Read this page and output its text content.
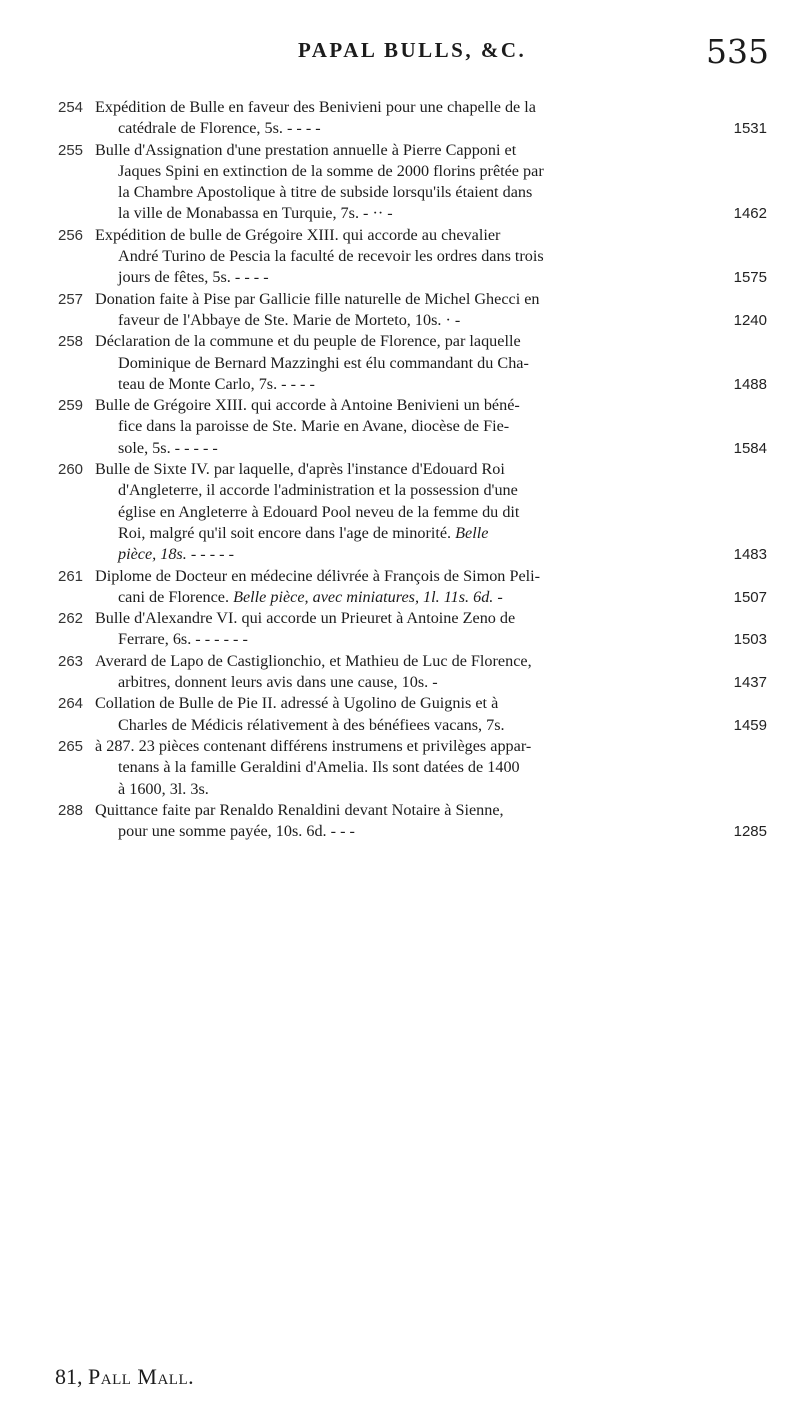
PAPAL BULLS, &C.	535
254 Expédition de Bulle en faveur des Benivieni pour une chapelle de la
catédrale de Florence, 5s. - - - -	1531
255 Bulle d'Assignation d'une prestation annuelle à Pierre Capponi et
Jaques Spini en extinction de la somme de 2000 florins prêtée par
la Chambre Apostolique à titre de subside lorsqu'ils étaient dans
la ville de Monabassa en Turquie, 7s. - ·· -	1462
256 Expédition de bulle de Grégoire XIII. qui accorde au chevalier
André Turino de Pescia la faculté de recevoir les ordres dans trois
jours de fêtes, 5s. - - - -	1575
257 Donation faite à Pise par Gallicie fille naturelle de Michel Ghecci en
faveur de l'Abbaye de Ste. Marie de Morteto, 10s. · -	1240
258 Déclaration de la commune et du peuple de Florence, par laquelle
Dominique de Bernard Mazzinghi est élu commandant du Cha-
teau de Monte Carlo, 7s. - - - -	1488
259 Bulle de Grégoire XIII. qui accorde à Antoine Benivieni un béné-
fice dans la paroisse de Ste. Marie en Avane, diocèse de Fie-
sole, 5s. - - - - -	1584
260 Bulle de Sixte IV. par laquelle, d'après l'instance d'Edouard Roi
d'Angleterre, il accorde l'administration et la possession d'une
église en Angleterre à Edouard Pool neveu de la femme du dit
Roi, malgré qu'il soit encore dans l'age de minorité. Belle
pièce, 18s. - - - - -	1483
261 Diplome de Docteur en médecine délivrée à François de Simon Peli-
cani de Florence. Belle pièce, avec miniatures, 1l. 11s. 6d. -	1507
262 Bulle d'Alexandre VI. qui accorde un Prieuret à Antoine Zeno de
Ferrare, 6s. - - - - - -	1503
263 Averard de Lapo de Castiglionchio, et Mathieu de Luc de Florence,
arbitres, donnent leurs avis dans une cause, 10s. -	1437
264 Collation de Bulle de Pie II. adressé à Ugolino de Guignis et à
Charles de Médicis rélativement à des bénéfiees vacans, 7s.	1459
265 à 287. 23 pièces contenant différens instrumens et privilèges appar-
tenans à la famille Geraldini d'Amelia. Ils sont datées de 1400
à 1600, 3l. 3s.
288 Quittance faite par Renaldo Renaldini devant Notaire à Sienne,
pour une somme payée, 10s. 6d. - - -	1285
81, Pall Mall.
